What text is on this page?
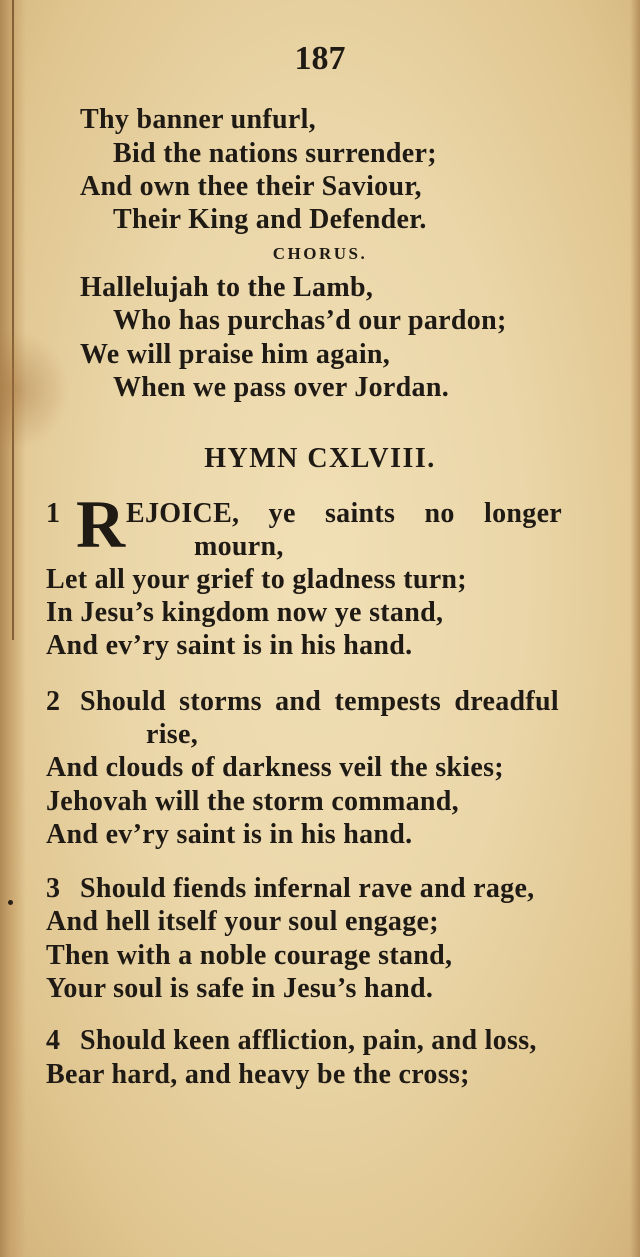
187
Thy banner unfurl,
Bid the nations surrender;
And own thee their Saviour,
Their King and Defender.
CHORUS.
Hallelujah to the Lamb,
Who has purchas’d our pardon;
We will praise him again,
When we pass over Jordan.
HYMN CXLVIII.
1 R EJOICE, ye saints no longer
mourn,
Let all your grief to gladness turn;
In Jesu’s kingdom now ye stand,
And ev’ry saint is in his hand.
2 Should storms and tempests dreadful
rise,
And clouds of darkness veil the skies;
Jehovah will the storm command,
And ev’ry saint is in his hand.
3 Should fiends infernal rave and rage,
And hell itself your soul engage;
Then with a noble courage stand,
Your soul is safe in Jesu’s hand.
4 Should keen affliction, pain, and loss,
Bear hard, and heavy be the cross;
